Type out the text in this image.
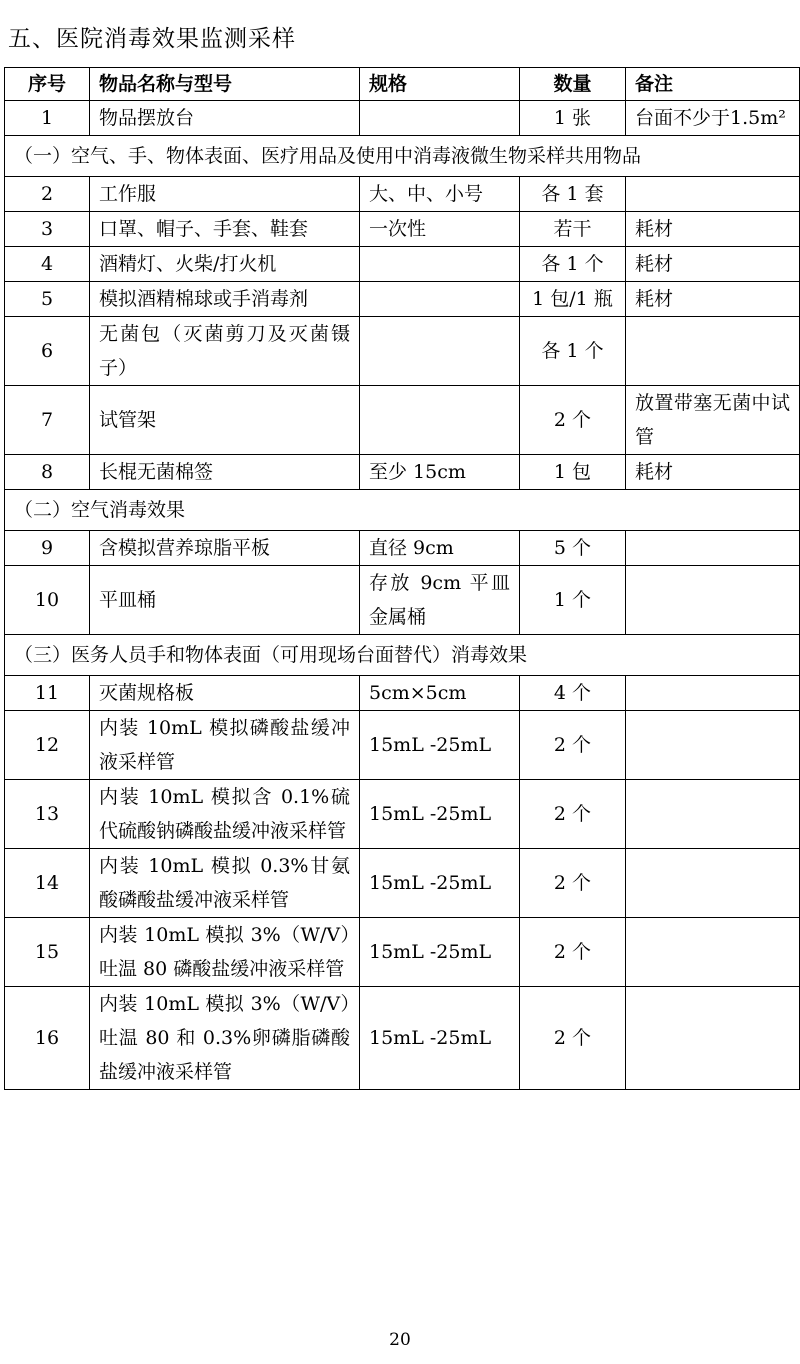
五、医院消毒效果监测采样
序号	物品名称与型号	规格	数量	备注
1	物品摆放台		1 张	台面不少于1.5m²
（一）空气、手、物体表面、医疗用品及使用中消毒液微生物采样共用物品				
2	工作服	大、中、小号	各 1 套	
3	口罩、帽子、手套、鞋套	一次性	若干	耗材
4	酒精灯、火柴/打火机		各 1 个	耗材
5	模拟酒精棉球或手消毒剂		1 包/1 瓶	耗材
6	无菌包（灭菌剪刀及灭菌镊子）		各 1 个	
7	试管架		2 个	放置带塞无菌中试管
8	长棍无菌棉签	至少 15cm	1 包	耗材
（二）空气消毒效果				
9	含模拟营养琼脂平板	直径 9cm	5 个	
10	平皿桶	存放 9cm 平皿金属桶	1 个	
（三）医务人员手和物体表面（可用现场台面替代）消毒效果				
11	灭菌规格板	5cm×5cm	4 个	
12	内装 10mL 模拟磷酸盐缓冲液采样管	15mL -25mL	2 个	
13	内装 10mL 模拟含 0.1%硫代硫酸钠磷酸盐缓冲液采样管	15mL -25mL	2 个	
14	内装 10mL 模拟 0.3%甘氨酸磷酸盐缓冲液采样管	15mL -25mL	2 个	
15	内装 10mL 模拟 3%（W/V）吐温 80 磷酸盐缓冲液采样管	15mL -25mL	2 个	
16	内装 10mL 模拟 3%（W/V）吐温 80 和 0.3%卵磷脂磷酸盐缓冲液采样管	15mL -25mL	2 个	
20
